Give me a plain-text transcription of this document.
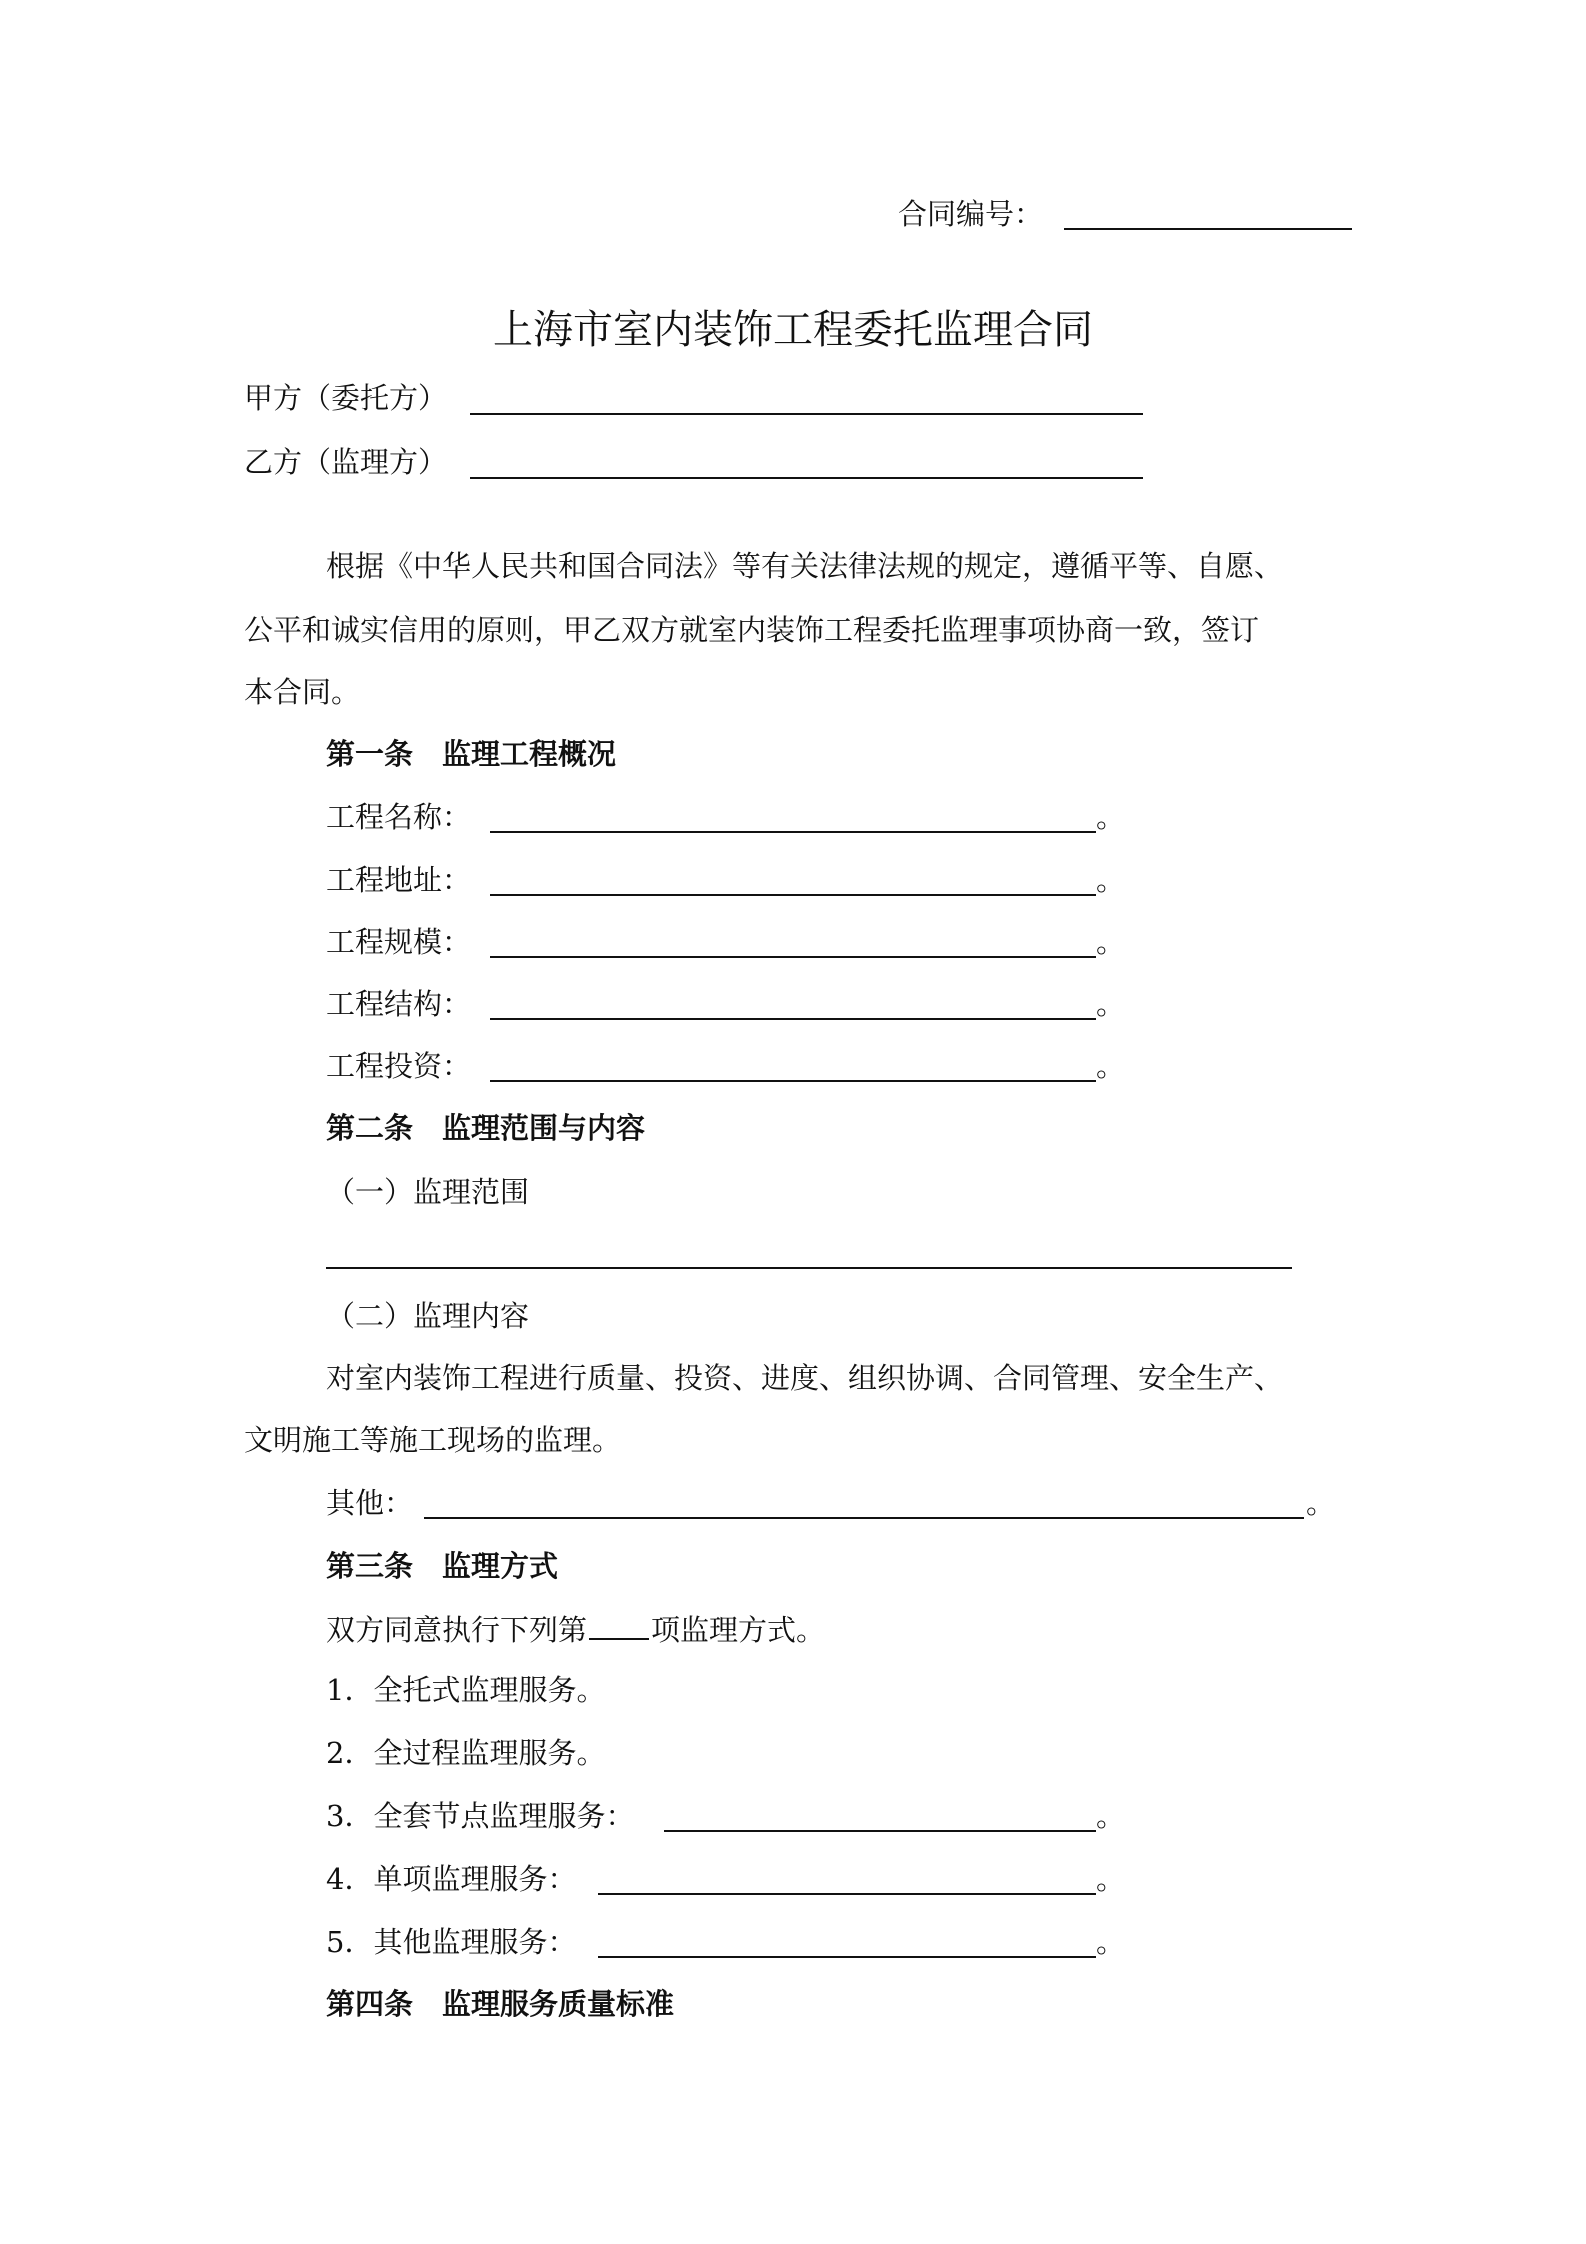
合同编号：
上海市室内装饰工程委托监理合同
甲方（委托方）
乙方（监理方）
根据《中华人民共和国合同法》等有关法律法规的规定，遵循平等、自愿、
公平和诚实信用的原则，甲乙双方就室内装饰工程委托监理事项协商一致，签订
本合同。
第一条　监理工程概况
工程名称：	。
工程地址：	。
工程规模：	。
工程结构：	。
工程投资：	。
第二条　监理范围与内容
（一）监理范围
（二）监理内容
对室内装饰工程进行质量、投资、进度、组织协调、合同管理、安全生产、
文明施工等施工现场的监理。
其他：	。
第三条　监理方式
双方同意执行下列第 项监理方式。
1．全托式监理服务。
2．全过程监理服务。
3．全套节点监理服务：	。
4．单项监理服务：	。
5．其他监理服务：	。
第四条　监理服务质量标准
